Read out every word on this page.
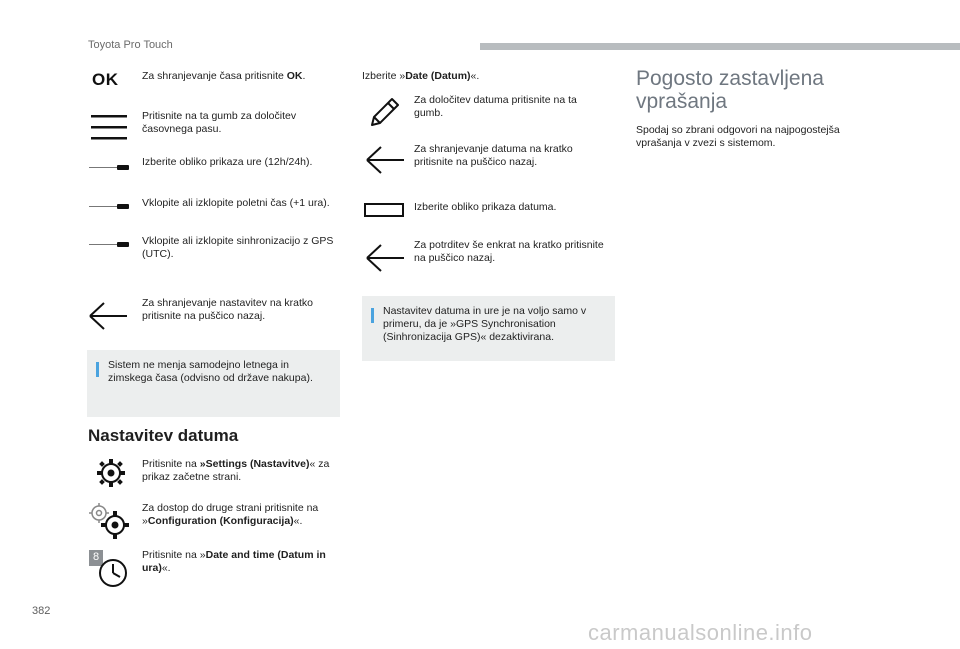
Toyota Pro Touch
OK Za shranjevanje časa pritisnite OK.
Pritisnite na ta gumb za določitev časovnega pasu.
Izberite obliko prikaza ure (12h/24h).
Vklopite ali izklopite poletni čas (+1 ura).
Vklopite ali izklopite sinhronizacijo z GPS (UTC).
Za shranjevanje nastavitev na kratko pritisnite na puščico nazaj.
Sistem ne menja samodejno letnega in zimskega časa (odvisno od države nakupa).
Nastavitev datuma
Pritisnite na »Settings (Nastavitve)« za prikaz začetne strani.
Za dostop do druge strani pritisnite na »Configuration (Konfiguracija)«.
8	Pritisnite na »Date and time (Datum in ura)«.
Izberite »Date (Datum)«.
Za določitev datuma pritisnite na ta gumb.
Za shranjevanje datuma na kratko pritisnite na puščico nazaj.
Izberite obliko prikaza datuma.
Za potrditev še enkrat na kratko pritisnite na puščico nazaj.
Nastavitev datuma in ure je na voljo samo v primeru, da je »GPS Synchronisation (Sinhronizacija GPS)« dezaktivirana.
Pogosto zastavljena vprašanja
Spodaj so zbrani odgovori na najpogostejša vprašanja v zvezi s sistemom.
382
carmanualsonline.info
